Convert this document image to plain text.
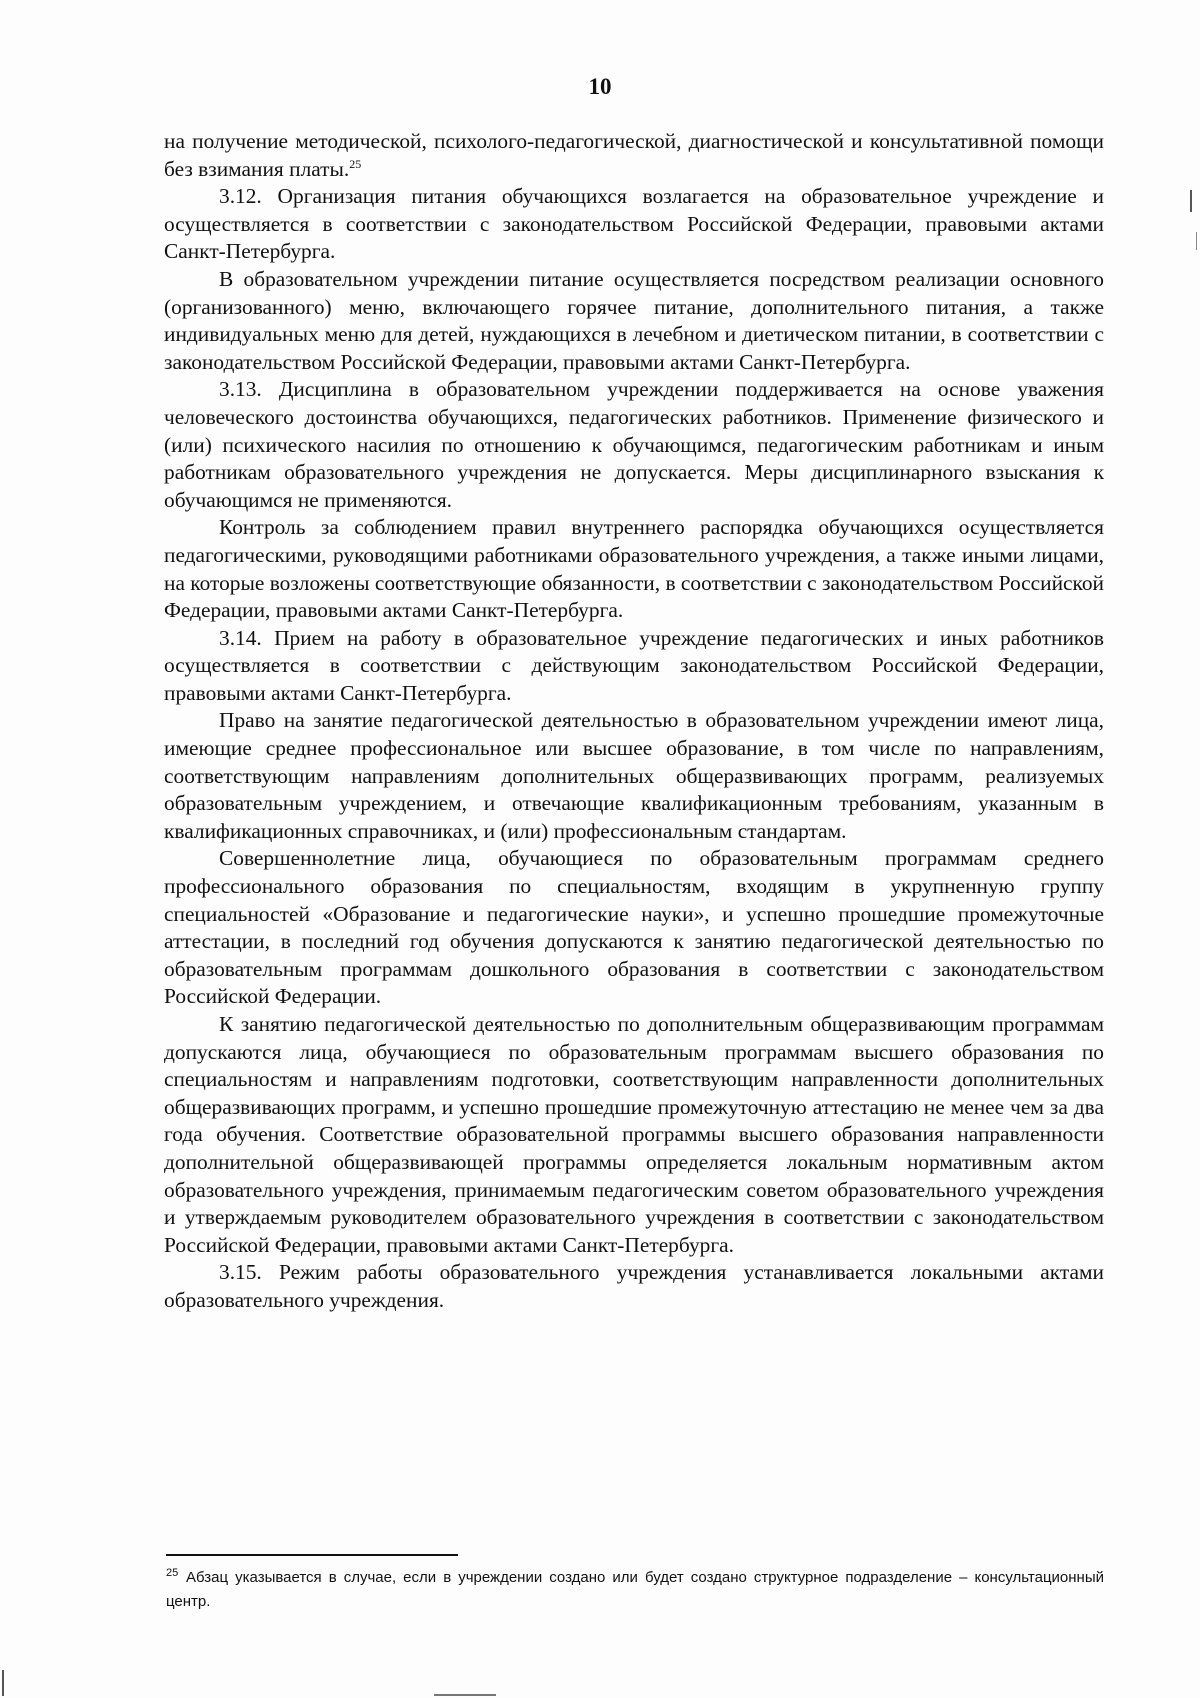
10

на получение методической, психолого-педагогической, диагностической и консультативной помощи без взимания платы.$^{25}$

3.12. Организация питания обучающихся возлагается на образовательное учреждение и осуществляется в соответствии с законодательством Российской Федерации, правовыми актами Санкт-Петербурга.

В образовательном учреждении питание осуществляется посредством реализации основного (организованного) меню, включающего горячее питание, дополнительного питания, а также индивидуальных меню для детей, нуждающихся в лечебном и диетическом питании, в соответствии с законодательством Российской Федерации, правовыми актами Санкт-Петербурга.

3.13. Дисциплина в образовательном учреждении поддерживается на основе уважения человеческого достоинства обучающихся, педагогических работников. Применение физического и (или) психического насилия по отношению к обучающимся, педагогическим работникам и иным работникам образовательного учреждения не допускается. Меры дисциплинарного взыскания к обучающимся не применяются.

Контроль за соблюдением правил внутреннего распорядка обучающихся осуществляется педагогическими, руководящими работниками образовательного учреждения, а также иными лицами, на которые возложены соответствующие обязанности, в соответствии с законодательством Российской Федерации, правовыми актами Санкт-Петербурга.

3.14. Прием на работу в образовательное учреждение педагогических и иных работников осуществляется в соответствии с действующим законодательством Российской Федерации, правовыми актами Санкт-Петербурга.

Право на занятие педагогической деятельностью в образовательном учреждении имеют лица, имеющие среднее профессиональное или высшее образование, в том числе по направлениям, соответствующим направлениям дополнительных общеразвивающих программ, реализуемых образовательным учреждением, и отвечающие квалификационным требованиям, указанным в квалификационных справочниках, и (или) профессиональным стандартам.

Совершеннолетние лица, обучающиеся по образовательным программам среднего профессионального образования по специальностям, входящим в укрупненную группу специальностей «Образование и педагогические науки», и успешно прошедшие промежуточные аттестации, в последний год обучения допускаются к занятию педагогической деятельностью по образовательным программам дошкольного образования в соответствии с законодательством Российской Федерации.

К занятию педагогической деятельностью по дополнительным общеразвивающим программам допускаются лица, обучающиеся по образовательным программам высшего образования по специальностям и направлениям подготовки, соответствующим направленности дополнительных общеразвивающих программ, и успешно прошедшие промежуточную аттестацию не менее чем за два года обучения. Соответствие образовательной программы высшего образования направленности дополнительной общеразвивающей программы определяется локальным нормативным актом образовательного учреждения, принимаемым педагогическим советом образовательного учреждения и утверждаемым руководителем образовательного учреждения в соответствии с законодательством Российской Федерации, правовыми актами Санкт-Петербурга.

3.15. Режим работы образовательного учреждения устанавливается локальными актами образовательного учреждения.

25 Абзац указывается в случае, если в учреждении создано или будет создано структурное подразделение – консультационный центр.
